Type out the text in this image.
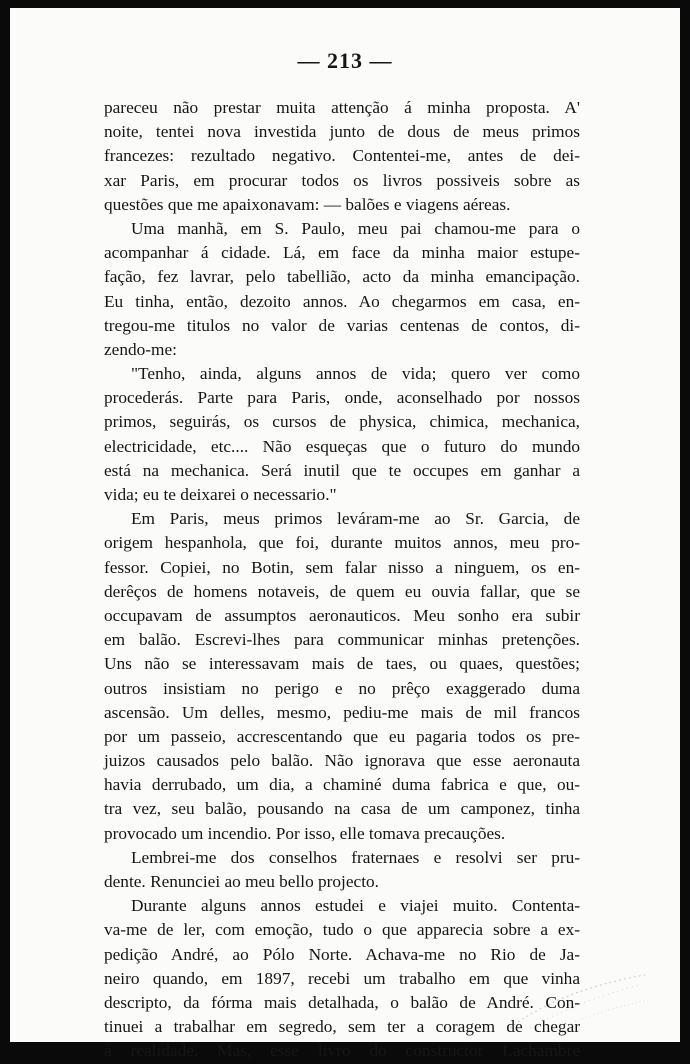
— 213 —
pareceu não prestar muita attenção á minha proposta. A'
noite, tentei nova investida junto de dous de meus primos
francezes: rezultado negativo. Contentei-me, antes de dei-
xar Paris, em procurar todos os livros possiveis sobre as
questões que me apaixonavam: — balões e viagens aéreas.
Uma manhã, em S. Paulo, meu pai chamou-me para o
acompanhar á cidade. Lá, em face da minha maior estupe-
fação, fez lavrar, pelo tabellião, acto da minha emancipação.
Eu tinha, então, dezoito annos. Ao chegarmos em casa, en-
tregou-me titulos no valor de varias centenas de contos, di-
zendo-me:
"Tenho, ainda, alguns annos de vida; quero ver como
procederás. Parte para Paris, onde, aconselhado por nossos
primos, seguirás, os cursos de physica, chimica, mechanica,
electricidade, etc.... Não esqueças que o futuro do mundo
está na mechanica. Será inutil que te occupes em ganhar a
vida; eu te deixarei o necessario."
Em Paris, meus primos leváram-me ao Sr. Garcia, de
origem hespanhola, que foi, durante muitos annos, meu pro-
fessor. Copiei, no Botin, sem falar nisso a ninguem, os en-
derêços de homens notaveis, de quem eu ouvia fallar, que se
occupavam de assumptos aeronauticos. Meu sonho era subir
em balão. Escrevi-lhes para communicar minhas pretenções.
Uns não se interessavam mais de taes, ou quaes, questões;
outros insistiam no perigo e no prêço exaggerado duma
ascensão. Um delles, mesmo, pediu-me mais de mil francos
por um passeio, accrescentando que eu pagaria todos os pre-
juizos causados pelo balão. Não ignorava que esse aeronauta
havia derrubado, um dia, a chaminé duma fabrica e que, ou-
tra vez, seu balão, pousando na casa de um camponez, tinha
provocado um incendio. Por isso, elle tomava precauções.
Lembrei-me dos conselhos fraternaes e resolvi ser pru-
dente. Renunciei ao meu bello projecto.
Durante alguns annos estudei e viajei muito. Contenta-
va-me de ler, com emoção, tudo o que apparecia sobre a ex-
pedição André, ao Pólo Norte. Achava-me no Rio de Ja-
neiro quando, em 1897, recebi um trabalho em que vinha
descripto, da fórma mais detalhada, o balão de André. Con-
tinuei a trabalhar em segredo, sem ter a coragem de chegar
á realidade. Mas, esse livro do constructor Lachambre
